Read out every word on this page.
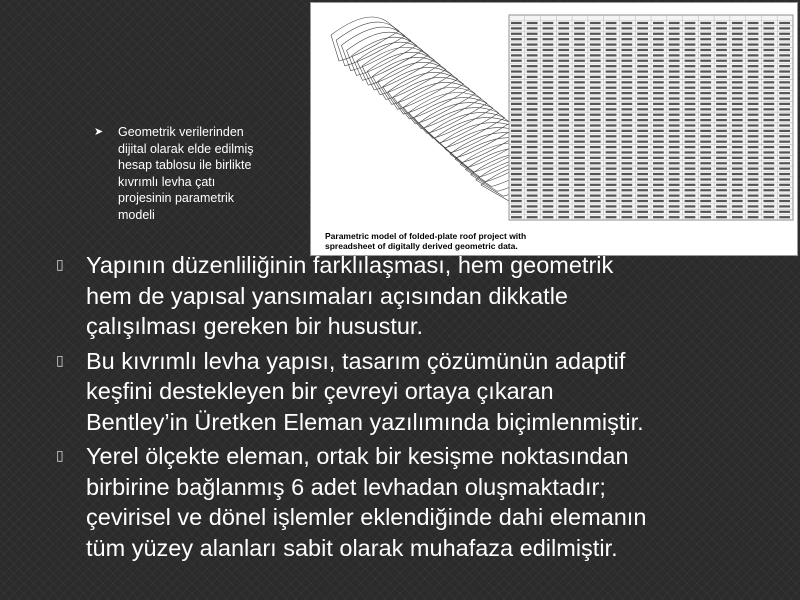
Parametric model of folded-plate roof project with
spreadsheet of digitally derived geometric data.
➤ Geometrik verilerinden
dijital olarak elde edilmiş
hesap tablosu ile birlikte
kıvrımlı levha çatı
projesinin parametrik
modeli
▯ Yapının düzenliliğinin farklılaşması, hem geometrik
hem de yapısal yansımaları açısından dikkatle
çalışılması gereken bir husustur.
▯ Bu kıvrımlı levha yapısı, tasarım çözümünün adaptif
keşfini destekleyen bir çevreyi ortaya çıkaran
Bentley’in Üretken Eleman yazılımında biçimlenmiştir.
▯ Yerel ölçekte eleman, ortak bir kesişme noktasından
birbirine bağlanmış 6 adet levhadan oluşmaktadır;
çevirisel ve dönel işlemler eklendiğinde dahi elemanın
tüm yüzey alanları sabit olarak muhafaza edilmiştir.
